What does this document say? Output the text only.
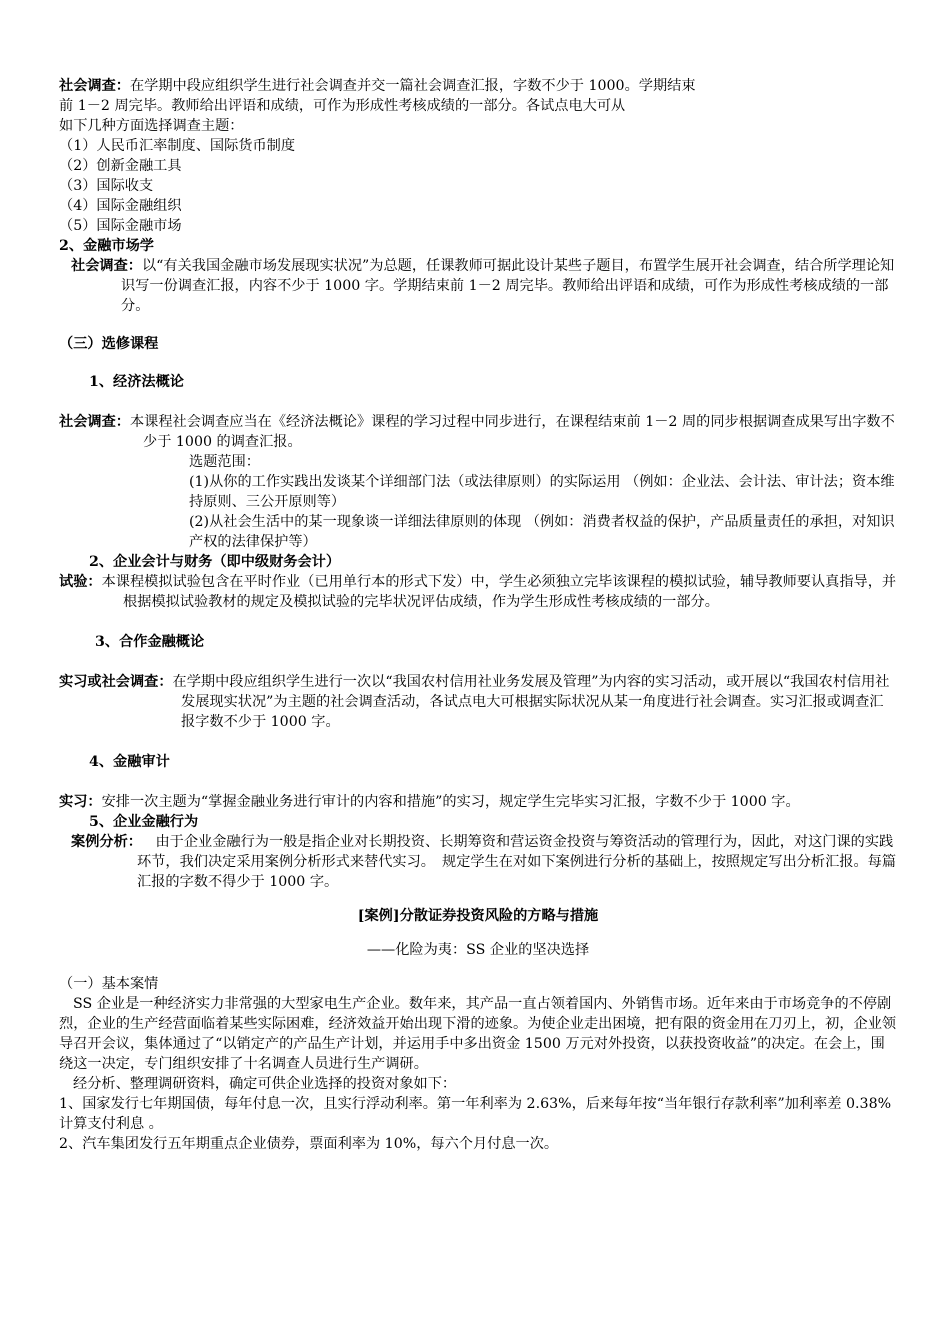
社会调查：在学期中段应组织学生进行社会调查并交一篇社会调查汇报，字数不少于 1000。学期结束

前 1－2 周完毕。教师给出评语和成绩，可作为形成性考核成绩的一部分。各试点电大可从

如下几种方面选择调查主题：

（1）人民币汇率制度、国际货币制度

（2）创新金融工具

（3）国际收支

（4）国际金融组织

（5）国际金融市场

2、金融市场学

社会调查：以“有关我国金融市场发展现实状况”为总题，任课教师可据此设计某些子题目，布置学生展开社会调查，结合所学理论知识写一份调查汇报，内容不少于 1000 字。学期结束前 1－2 周完毕。教师给出评语和成绩，可作为形成性考核成绩的一部分。

（三）选修课程

1、经济法概论

社会调查：本课程社会调查应当在《经济法概论》课程的学习过程中同步进行，在课程结束前 1－2 周的同步根据调查成果写出字数不少于 1000 的调查汇报。

选题范围：

(1)从你的工作实践出发谈某个详细部门法（或法律原则）的实际运用 （例如：企业法、会计法、审计法；资本维持原则、三公开原则等）

(2)从社会生活中的某一现象谈一详细法律原则的体现 （例如：消费者权益的保护，产品质量责任的承担，对知识产权的法律保护等）

2、企业会计与财务（即中级财务会计）

试验：本课程模拟试验包含在平时作业（已用单行本的形式下发）中，学生必须独立完毕该课程的模拟试验，辅导教师要认真指导，并根据模拟试验教材的规定及模拟试验的完毕状况评估成绩，作为学生形成性考核成绩的一部分。

3、合作金融概论

实习或社会调查：在学期中段应组织学生进行一次以“我国农村信用社业务发展及管理”为内容的实习活动，或开展以“我国农村信用社发展现实状况”为主题的社会调查活动，各试点电大可根据实际状况从某一角度进行社会调查。实习汇报或调查汇报字数不少于 1000 字。

4、金融审计

实习：安排一次主题为“掌握金融业务进行审计的内容和措施”的实习，规定学生完毕实习汇报，字数不少于 1000 字。

5、企业金融行为

案例分析： 由于企业金融行为一般是指企业对长期投资、长期筹资和营运资金投资与筹资活动的管理行为，因此，对这门课的实践环节，我们决定采用案例分析形式来替代实习。　规定学生在对如下案例进行分析的基础上，按照规定写出分析汇报。每篇汇报的字数不得少于 1000 字。

[案例]分散证券投资风险的方略与措施

——化险为夷：SS 企业的坚决选择

（一）基本案情

SS 企业是一种经济实力非常强的大型家电生产企业。数年来，其产品一直占领着国内、外销售市场。近年来由于市场竞争的不停剧烈，企业的生产经营面临着某些实际困难，经济效益开始出现下滑的迹象。为使企业走出困境，把有限的资金用在刀刃上，初，企业领导召开会议，集体通过了“以销定产的产品生产计划，并运用手中多出资金 1500 万元对外投资，以获投资收益”的决定。在会上，围绕这一决定，专门组织安排了十名调查人员进行生产调研。

经分析、整理调研资料，确定可供企业选择的投资对象如下：

1、国家发行七年期国债，每年付息一次，且实行浮动利率。第一年利率为 2.63%，后来每年按“当年银行存款利率”加利率差 0.38%计算支付利息 。

2、汽车集团发行五年期重点企业债券，票面利率为 10%，每六个月付息一次。
